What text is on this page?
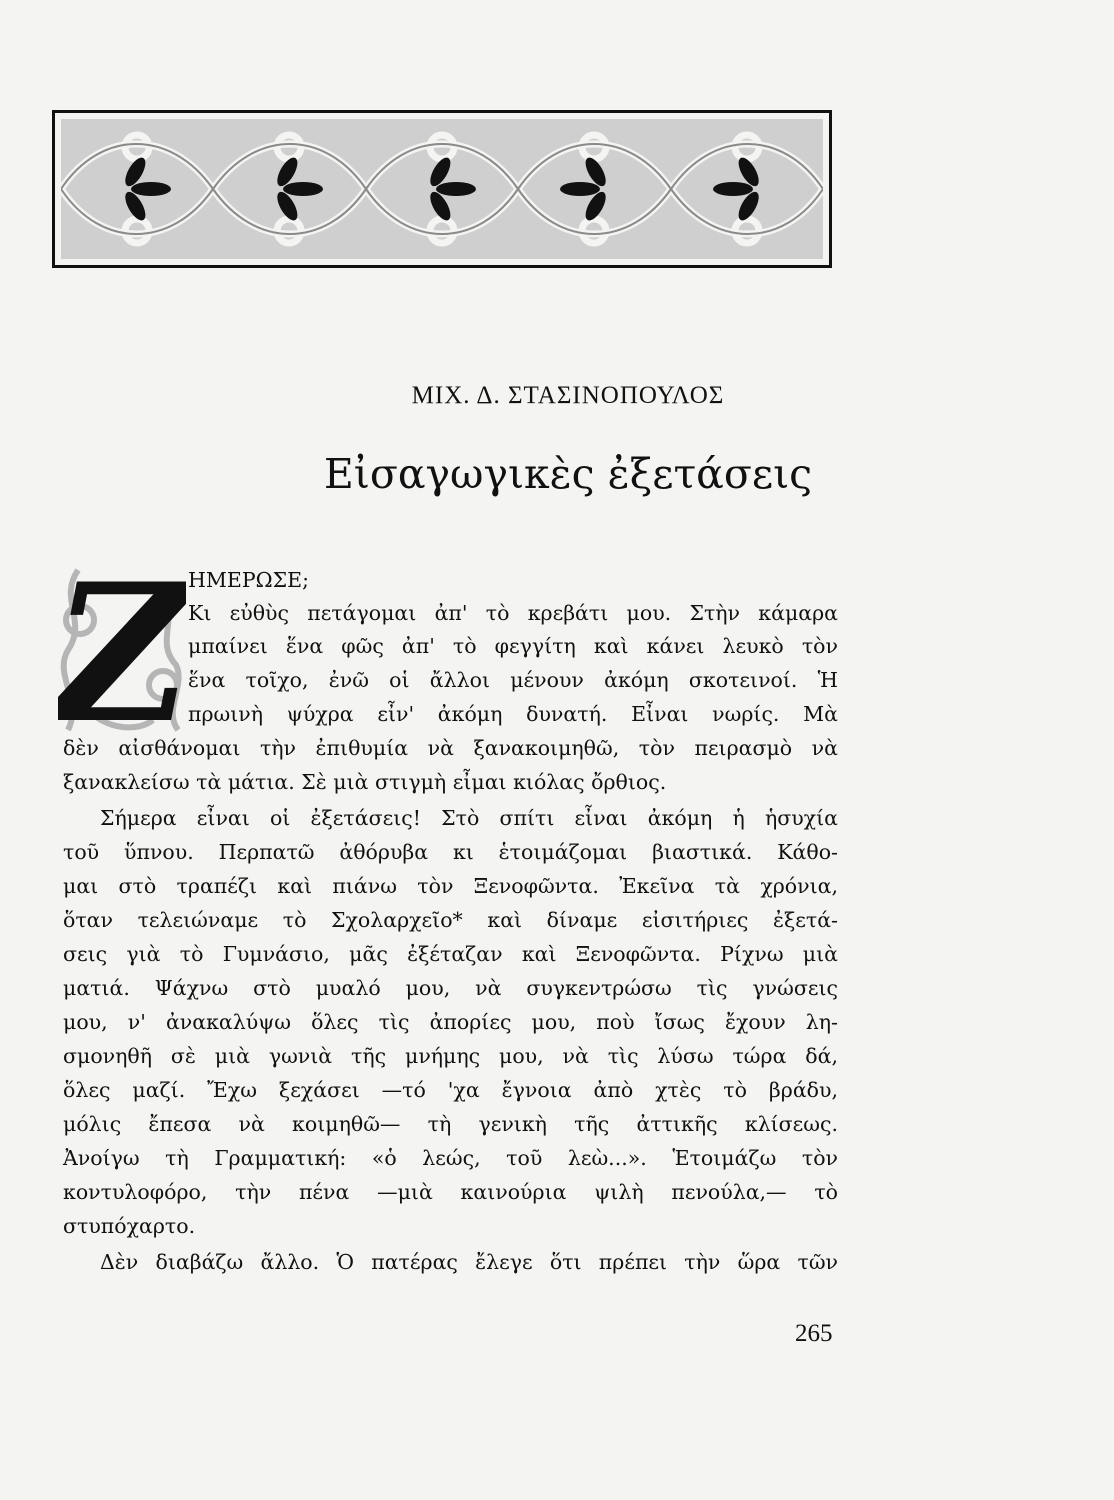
ΜΙΧ. Δ. ΣΤΑΣΙΝΟΠΟΥΛΟΣ
Εἰσαγωγικὲς ἐξετάσεις
Ζ
ΗΜΕΡΩΣΕ;
Κι εὐθὺς πετάγομαι ἀπ' τὸ κρεβάτι μου. Στὴν κάμαρα
μπαίνει ἕνα φῶς ἀπ' τὸ φεγγίτη καὶ κάνει λευκὸ τὸν
ἕνα τοῖχο, ἐνῶ οἱ ἄλλοι μένουν ἀκόμη σκοτεινοί. Ἡ
πρωινὴ ψύχρα εἶν' ἀκόμη δυνατή. Εἶναι νωρίς. Μὰ
δὲν αἰσθάνομαι τὴν ἐπιθυμία νὰ ξανακοιμηθῶ, τὸν πειρασμὸ νὰ
ξανακλείσω τὰ μάτια. Σὲ μιὰ στιγμὴ εἶμαι κιόλας ὄρθιος.
Σήμερα εἶναι οἱ ἐξετάσεις! Στὸ σπίτι εἶναι ἀκόμη ἡ ἡσυχία
τοῦ ὕπνου. Περπατῶ ἀθόρυβα κι ἑτοιμάζομαι βιαστικά. Κάθο-
μαι στὸ τραπέζι καὶ πιάνω τὸν Ξενοφῶντα. Ἐκεῖνα τὰ χρόνια,
ὅταν τελειώναμε τὸ Σχολαρχεῖο* καὶ δίναμε εἰσιτήριες ἐξετά-
σεις γιὰ τὸ Γυμνάσιο, μᾶς ἐξέταζαν καὶ Ξενοφῶντα. Ρίχνω μιὰ
ματιά. Ψάχνω στὸ μυαλό μου, νὰ συγκεντρώσω τὶς γνώσεις
μου, ν' ἀνακαλύψω ὅλες τὶς ἀπορίες μου, ποὺ ἴσως ἔχουν λη-
σμονηθῆ σὲ μιὰ γωνιὰ τῆς μνήμης μου, νὰ τὶς λύσω τώρα δά,
ὅλες μαζί. Ἔχω ξεχάσει —τό 'χα ἔγνοια ἀπὸ χτὲς τὸ βράδυ,
μόλις ἔπεσα νὰ κοιμηθῶ— τὴ γενικὴ τῆς ἀττικῆς κλίσεως.
Ἀνοίγω τὴ Γραμματική: «ὁ λεώς, τοῦ λεὼ...». Ἑτοιμάζω τὸν
κοντυλοφόρο, τὴν πένα —μιὰ καινούρια ψιλὴ πενούλα,— τὸ
στυπόχαρτο.
Δὲν διαβάζω ἄλλο. Ὁ πατέρας ἔλεγε ὅτι πρέπει τὴν ὥρα τῶν
265
